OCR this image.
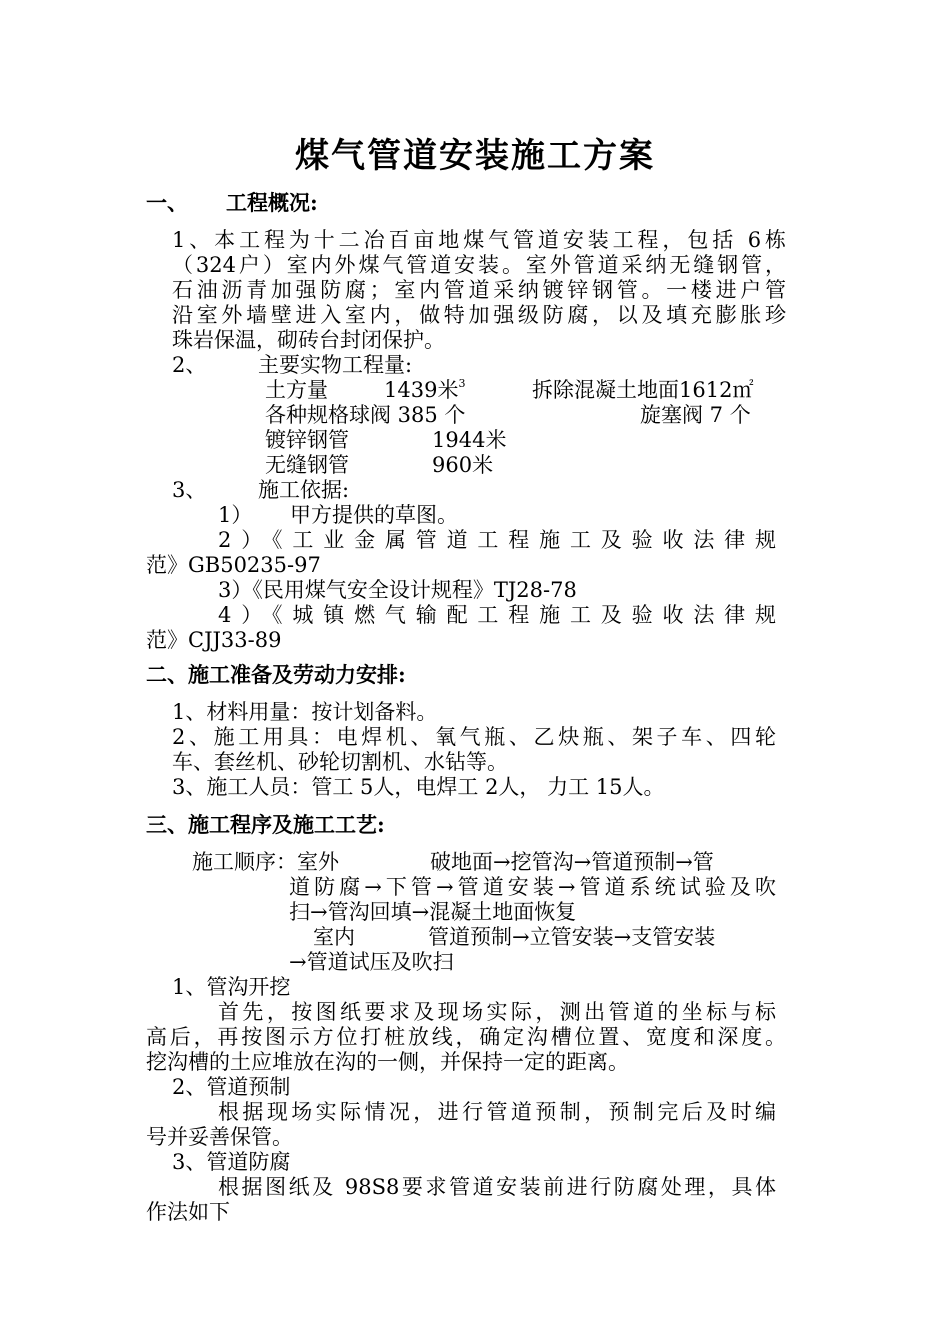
煤气管道安装施工方案
一、 工程概况:
1、本工程为十二冶百亩地煤气管道安装工程，包括 6栋
（324户）室内外煤气管道安装。室外管道采纳无缝钢管，
石油沥青加强防腐；室内管道采纳镀锌钢管。一楼进户管
沿室外墙壁进入室内，做特加强级防腐，以及填充膨胀珍
珠岩保温，砌砖台封闭保护。
2、 主要实物工程量:
土方量	1439米$^3$	拆除混凝土地面1612㎡
各种规格球阀 385 个	旋塞阀 7 个
镀锌钢管	1944米
无缝钢管	960米
3、 施工依据:
1） 甲方提供的草图。
2）《工业金属管道工程施工及验收法律规
范》GB50235-97
3）《民用煤气安全设计规程》TJ28-78
4）《城镇燃气输配工程施工及验收法律规
范》CJJ33-89
二、施工准备及劳动力安排:
1、材料用量：按计划备料。
2、施工用具：电焊机、氧气瓶、乙炔瓶、架子车、四轮
车、套丝机、砂轮切割机、水钻等。
3、施工人员：管工 5人，电焊工 2人， 力工 15人。
三、施工程序及施工工艺:
施工顺序：室外	破地面→挖管沟→管道预制→管
道防腐→下管→管道安装→管道系统试验及吹
扫→管沟回填→混凝土地面恢复
室内	管道预制→立管安装→支管安装
→管道试压及吹扫
1、管沟开挖
首先，按图纸要求及现场实际，测出管道的坐标与标
高后，再按图示方位打桩放线，确定沟槽位置、宽度和深度。
挖沟槽的土应堆放在沟的一侧，并保持一定的距离。
2、管道预制
根据现场实际情况，进行管道预制，预制完后及时编
号并妥善保管。
3、管道防腐
根据图纸及 98S8要求管道安装前进行防腐处理，具体
作法如下
